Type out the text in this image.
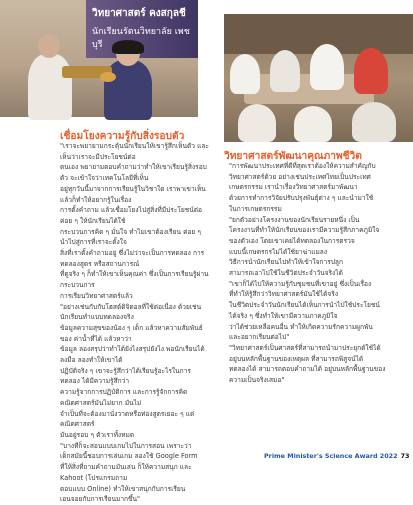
วิทยาศาสตร์ คงสกุลชี
นักเรียนรัตนวิทยาลัย เพช
บุรี
เชื่อมโยงความรู้กับสิ่งรอบตัว

"เราจะพยายามกระตุ้นนักเรียนให้เขารู้สึกเห็นตัว และเห็นว่าเราจะมีประโยชน์ต่อ

ตนเอง พยายามตอบคำถามว่าทำให้เขาเรียนรู้สิ่งรอบตัว จะเข้าใจว่าเทคโนโลยีที่เห็น

อยู่ทุกวันนี้มาจากการเรียนรู้ในวิชาใด เราพาเขาเห็นแล้วก็ทำให้อยากรู้ในเรื่อง

การตั้งคำถาม แล้วเชื่อมโยงไปสู่สิ่งที่มีประโยชน์ต่อ ค่อย ๆ ให้นักเรียนได้ใช้

กระบวนการคิด ๆ มั่นใจ ทำไมเขาต้องเรียน ค่อย ๆ นำไปสู่การที่เราจะตั้งใจ

สิ่งที่เราตั้งคำถามอยู่ ซึ่งไม่ว่าจะเป็นการทดลอง การทดลองสูตร หรือสถานการณ์

ที่ดูจริง ๆ ก็ทำให้เขาเห็นคุณค่า ซึ่งเป็นการเรียนรู้ผ่านกระบวนการ

การเรียนวิทยาศาสตร์แล้ว

"อย่างเช่นกับกับโฮสต์ดิจิตอลที่ใช้ต่อเนื่อง ด้วยเช่นนักเรียนทำแบบทดลองจริง

ข้อมูลความสุขของน้อง ๆ เด็ก แล้วหาความสัมพันธ์ของ ค่าน้ำที่ได้ แล้วหาว่า

ข้อมูล ลองสรุปว่าทำได้ยังไงสรุปยังไง พอนักเรียนได้ลงมือ ลองทำให้เขาได้

ปฏิบัติจริง ๆ เขาจะรู้สึกว่าได้เรียนรู้อะไรในการทดลอง ได้มีความรู้สึกว่า

ความรู้จากการปฏิบัติการ และการรู้จักการคิดคณิตศาสตร์มันไม่ยาก มันไม่

จำเป็นที่จะต้องมานั่งวาดหรือท่องสูตรเยอะ ๆ แต่คณิตศาสตร์

มันอยู่รอบ ๆ ตัวเราทั้งหมด

"บางทีก็จะสอนแบบเกมไปในการสอน เพราะว่า

เด็กสมัยนี้ชอบการเล่นเกม ลองใช้ Google Form

ที่ให้สิ่งที่ถามคำถามมันเล่น ก็ให้ความสนุก และ Kahoot (โปรแกรมถาม

ตอบแบบ Online) ทำให้เขาสนุกกับการเรียน

เอนจอยกับการเรียนมากขึ้น"

วิทยาศาสตร์พัฒนาคุณภาพชีวิต

"การพัฒนาประเทศที่ดีที่สุดเราต้องให้ความสำคัญกับ

วิทยาศาสตร์ด้วย อย่างเช่นประเทศไทยเป็นประเทศ

เกษตรกรรม เรานำเรื่องวิทยาศาสตร์มาพัฒนา

ด้วยการทำการวิจัยปรับปรุงพันธุ์ต่าง ๆ และนำมาใช้

ในการเกษตรกรรม

"ยกตัวอย่างโครงงานของนักเรียนรายหนึ่ง เป็น

โครงงานที่ทำให้นักเรียนของเรามีความรู้สึกภาคภูมิใจ

ของตัวเอง โดยเขาเคยได้ทดลองในการตรวจ

แบบนี้เกษตรกรไม่ได้ใช้ยาฆ่าแมลง

วิธีการนำนักเรียนไปทำให้เข้าใจการปลูก

สามารถเอาไปใช้ในชีวิตประจำวันจริงได้

"เขาก็ได้ไปให้ความรู้กับชุมชนที่เขาอยู่ ซึ่งเป็นเรื่อง

ที่ทำให้รู้สึกว่าวิทยาศาสตร์มันใช้ได้จริง

ในชีวิตประจำวันนักเรียนได้เห็นการนำไปใช้ประโยชน์

ได้จริง ๆ ซึ่งทำให้เขามีความภาคภูมิใจ

ว่าได้ช่วยเหลือคนอื่น ทำให้เกิดความรักความผูกพัน

และอยากเรียนต่อไป"

"วิทยาศาสตร์เป็นศาสตร์ที่สามารถนำมาประยุกต์ใช้ได้

อยู่บนหลักพื้นฐานของเหตุผล ที่สามารถพิสูจน์ได้

ทดลองได้ สามารถตอบคำถามได้ อยู่บนหลักพื้นฐานของ

ความเป็นจริงเสมอ"

Prime Minister's Science Award 2022 73
